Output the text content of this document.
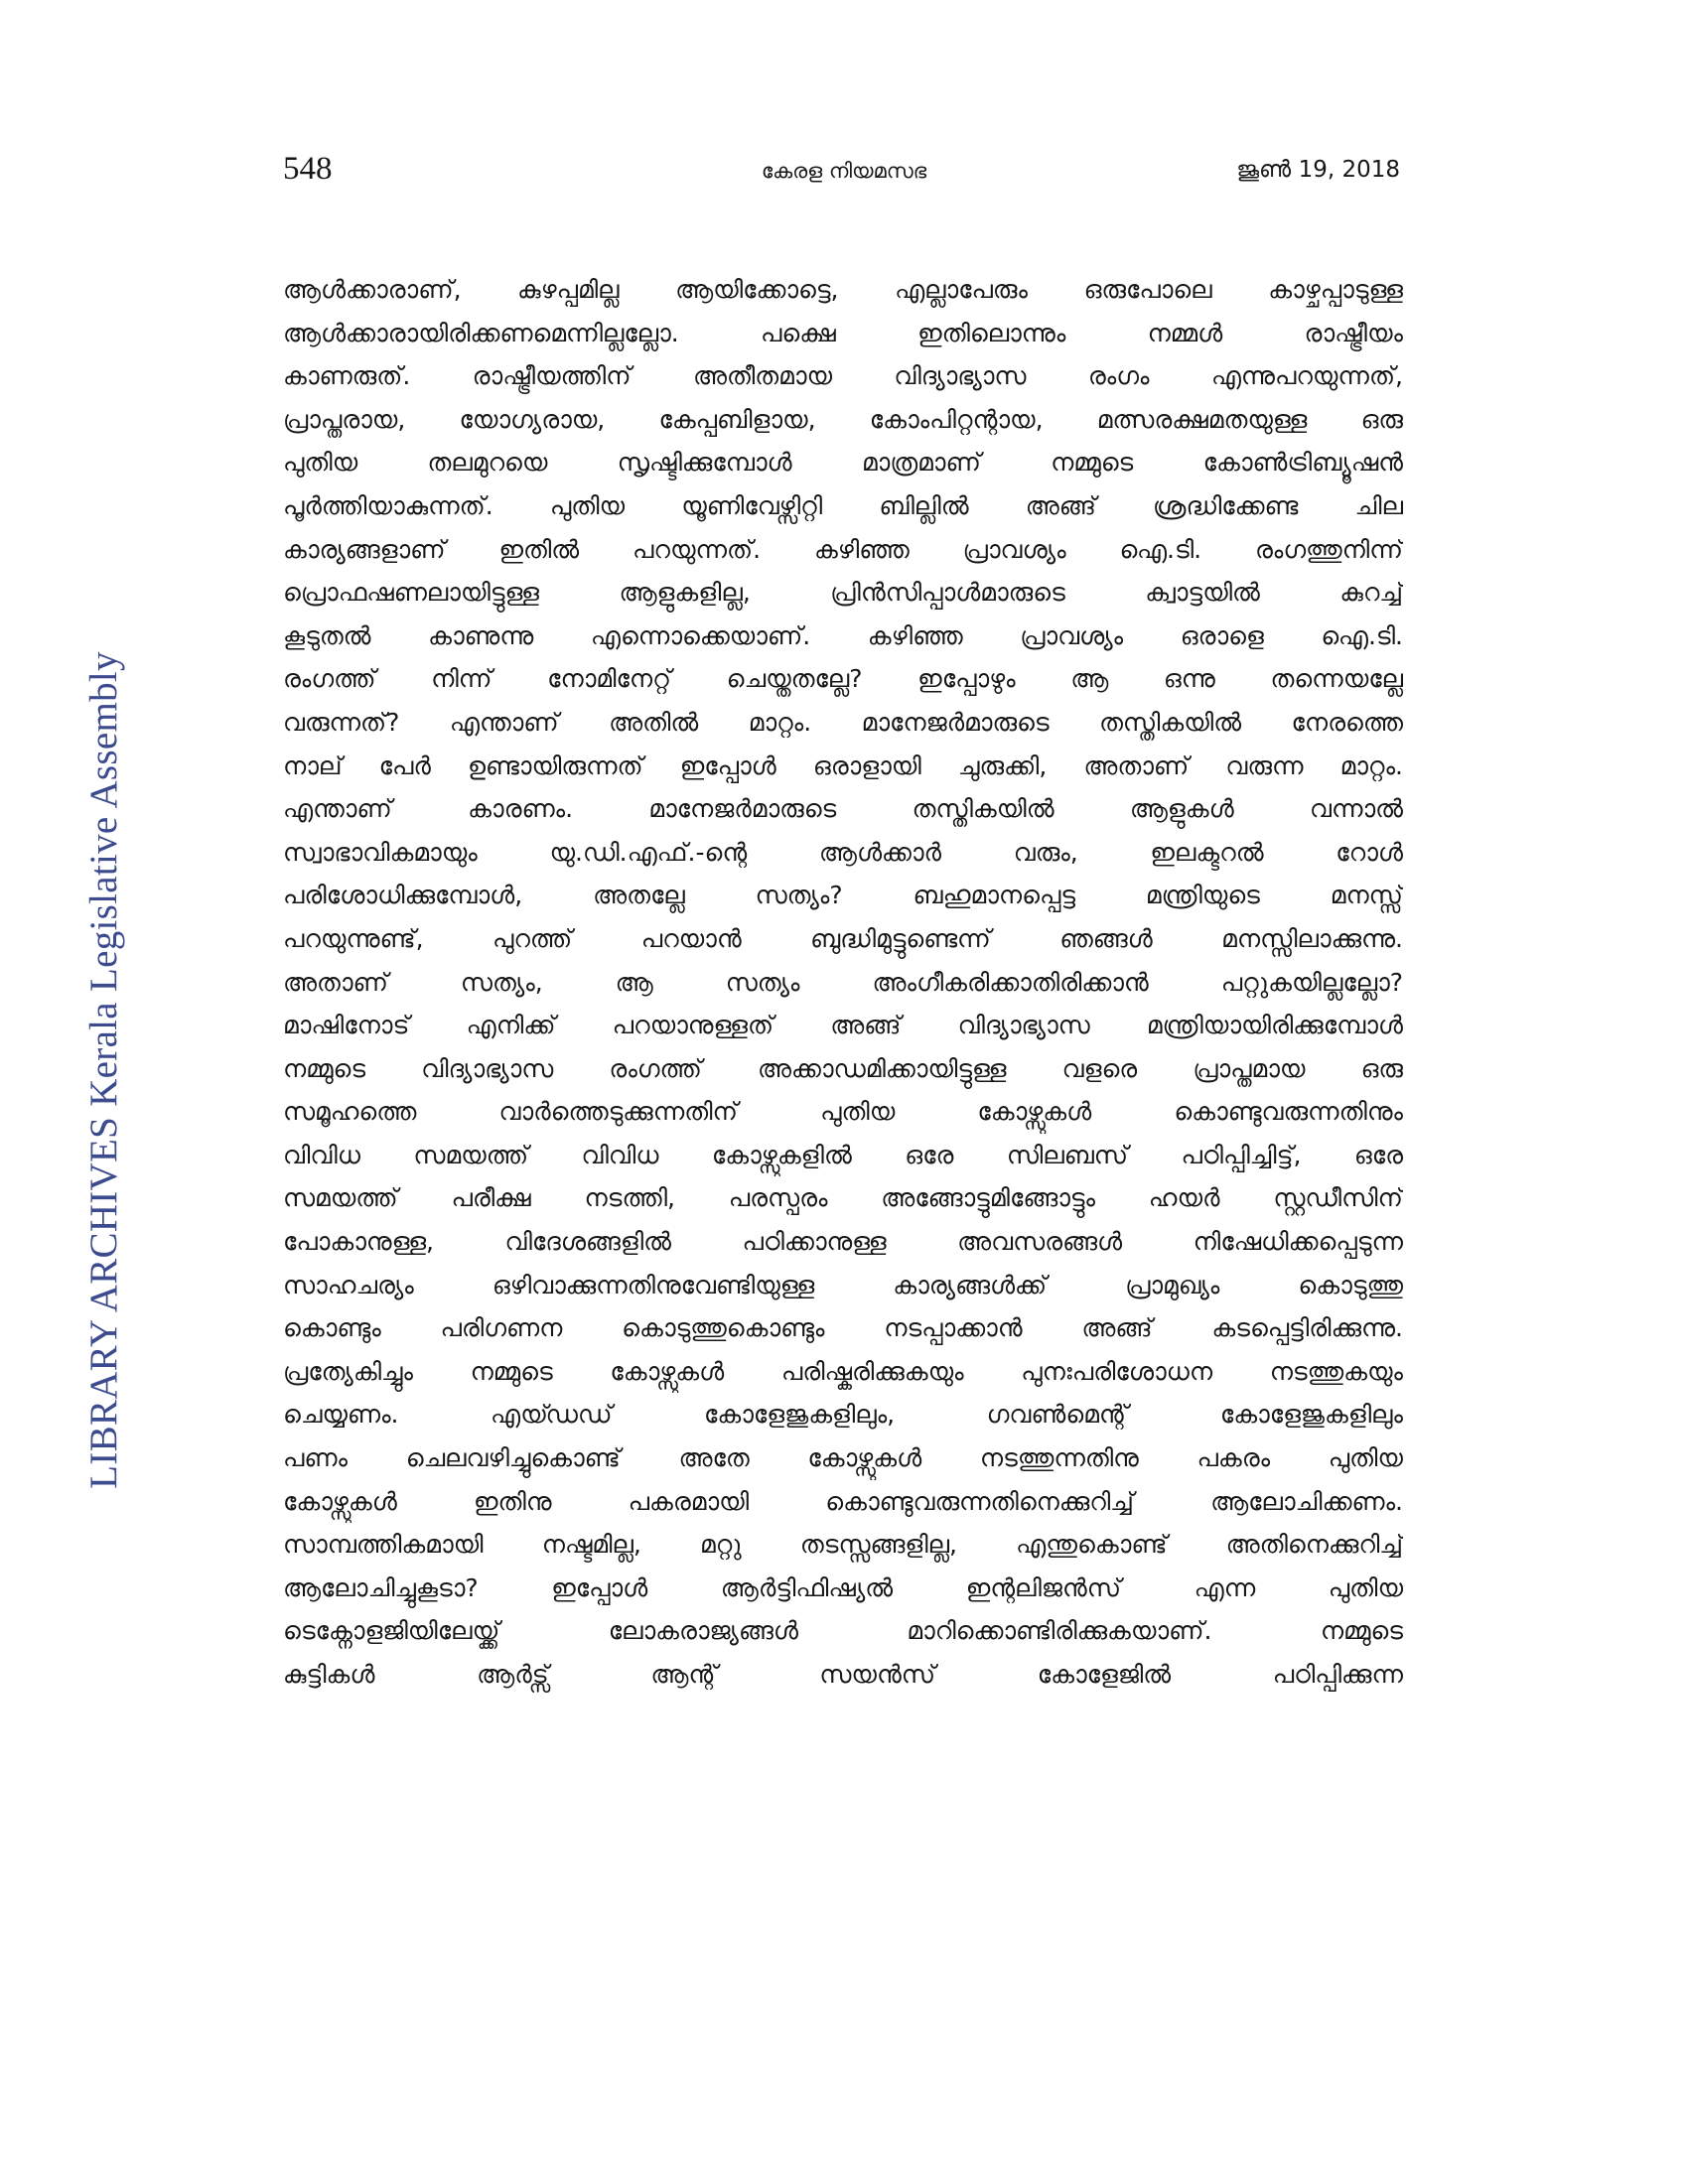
LIBRARY ARCHIVES Kerala Legislative Assembly
548	കേരള നിയമസഭ	ജൂൺ 19, 2018
ആൾക്കാരാണ്, കുഴപ്പമില്ല ആയിക്കോട്ടെ, എല്ലാപേരും ഒരുപോലെ കാഴ്ചപ്പാടുള്ള
ആൾക്കാരായിരിക്കണമെന്നില്ലല്ലോ. പക്ഷെ ഇതിലൊന്നും നമ്മൾ രാഷ്ട്രീയം
കാണരുത്. രാഷ്ട്രീയത്തിന് അതീതമായ വിദ്യാഭ്യാസ രംഗം എന്നുപറയുന്നത്,
പ്രാപ്തരായ, യോഗ്യരായ, കേപ്പബിളായ, കോംപിറ്റന്റായ, മത്സരക്ഷമതയുള്ള ഒരു
പുതിയ തലമുറയെ സൃഷ്ടിക്കുമ്പോൾ മാത്രമാണ് നമ്മുടെ കോൺട്രിബ്യൂഷൻ
പൂർത്തിയാകുന്നത്. പുതിയ യൂണിവേഴ്സിറ്റി ബില്ലിൽ അങ്ങ് ശ്രദ്ധിക്കേണ്ട ചില
കാര്യങ്ങളാണ് ഇതിൽ പറയുന്നത്. കഴിഞ്ഞ പ്രാവശ്യം ഐ.ടി. രംഗത്തുനിന്ന്
പ്രൊഫഷണലായിട്ടുള്ള ആളുകളില്ല, പ്രിൻസിപ്പാൾമാരുടെ ക്വാട്ടയിൽ കുറച്ച്
കൂടുതൽ കാണുന്നു എന്നൊക്കെയാണ്. കഴിഞ്ഞ പ്രാവശ്യം ഒരാളെ ഐ.ടി.
രംഗത്ത് നിന്ന് നോമിനേറ്റ് ചെയ്തതല്ലേ? ഇപ്പോഴും ആ ഒന്നു തന്നെയല്ലേ
വരുന്നത്? എന്താണ് അതിൽ മാറ്റം. മാനേജർമാരുടെ തസ്തികയിൽ നേരത്തെ
നാല് പേർ ഉണ്ടായിരുന്നത് ഇപ്പോൾ ഒരാളായി ചുരുക്കി, അതാണ് വരുന്ന മാറ്റം.
എന്താണ് കാരണം. മാനേജർമാരുടെ തസ്തികയിൽ ആളുകൾ വന്നാൽ
സ്വാഭാവികമായും യു.ഡി.എഫ്.-ന്റെ ആൾക്കാർ വരും, ഇലക്ടറൽ റോൾ
പരിശോധിക്കുമ്പോൾ, അതല്ലേ സത്യം? ബഹുമാനപ്പെട്ട മന്ത്രിയുടെ മനസ്സ്
പറയുന്നുണ്ട്, പുറത്ത് പറയാൻ ബുദ്ധിമുട്ടുണ്ടെന്ന് ഞങ്ങൾ മനസ്സിലാക്കുന്നു.
അതാണ് സത്യം, ആ സത്യം അംഗീകരിക്കാതിരിക്കാൻ പറ്റുകയില്ലല്ലോ?
മാഷിനോട് എനിക്ക് പറയാനുള്ളത് അങ്ങ് വിദ്യാഭ്യാസ മന്ത്രിയായിരിക്കുമ്പോൾ
നമ്മുടെ വിദ്യാഭ്യാസ രംഗത്ത് അക്കാഡമിക്കായിട്ടുള്ള വളരെ പ്രാപ്തമായ ഒരു
സമൂഹത്തെ വാർത്തെടുക്കുന്നതിന് പുതിയ കോഴ്സുകൾ കൊണ്ടുവരുന്നതിനും
വിവിധ സമയത്ത് വിവിധ കോഴ്സുകളിൽ ഒരേ സിലബസ് പഠിപ്പിച്ചിട്ട്, ഒരേ
സമയത്ത് പരീക്ഷ നടത്തി, പരസ്പരം അങ്ങോട്ടുമിങ്ങോട്ടും ഹയർ സ്റ്റഡീസിന്
പോകാനുള്ള, വിദേശങ്ങളിൽ പഠിക്കാനുള്ള അവസരങ്ങൾ നിഷേധിക്കപ്പെടുന്ന
സാഹചര്യം ഒഴിവാക്കുന്നതിനുവേണ്ടിയുള്ള കാര്യങ്ങൾക്ക് പ്രാമുഖ്യം കൊടുത്തു
കൊണ്ടും പരിഗണന കൊടുത്തുകൊണ്ടും നടപ്പാക്കാൻ അങ്ങ് കടപ്പെട്ടിരിക്കുന്നു.
പ്രത്യേകിച്ചും നമ്മുടെ കോഴ്സുകൾ പരിഷ്കരിക്കുകയും പുനഃപരിശോധന നടത്തുകയും
ചെയ്യണം. എയ്ഡഡ് കോളേജുകളിലും, ഗവൺമെന്റ് കോളേജുകളിലും
പണം ചെലവഴിച്ചുകൊണ്ട് അതേ കോഴ്സുകൾ നടത്തുന്നതിനു പകരം പുതിയ
കോഴ്സുകൾ ഇതിനു പകരമായി കൊണ്ടുവരുന്നതിനെക്കുറിച്ച് ആലോചിക്കണം.
സാമ്പത്തികമായി നഷ്ടമില്ല, മറ്റു തടസ്സങ്ങളില്ല, എന്തുകൊണ്ട് അതിനെക്കുറിച്ച്
ആലോചിച്ചുകൂടാ? ഇപ്പോൾ ആർട്ടിഫിഷ്യൽ ഇന്റലിജൻസ് എന്ന പുതിയ
ടെക്നോളജിയിലേയ്ക്ക് ലോകരാജ്യങ്ങൾ മാറിക്കൊണ്ടിരിക്കുകയാണ്. നമ്മുടെ
കുട്ടികൾ ആർട്സ് ആന്റ് സയൻസ് കോളേജിൽ പഠിപ്പിക്കുന്ന
